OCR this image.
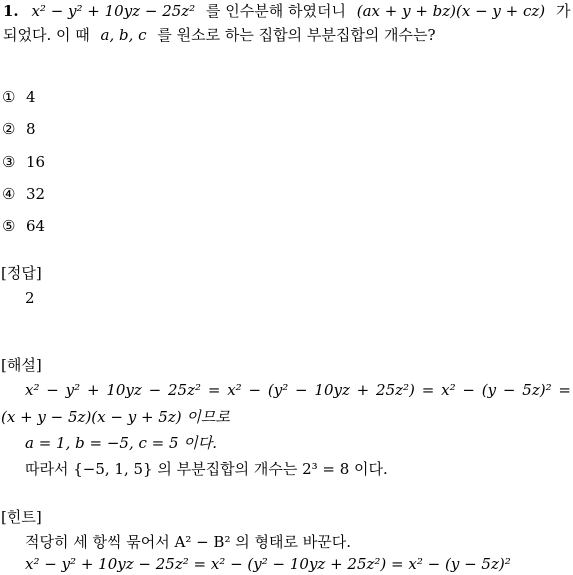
1. x² − y² + 10yz − 25z² 를 인수분해 하였더니 (ax + y + bz)(x − y + cz) 가
되었다. 이 때 a, b, c 를 원소로 하는 집합의 부분집합의 개수는?
① 4
② 8
③ 16
④ 32
⑤ 64
[정답]
2
[해설]
x² − y² + 10yz − 25z² = x² − (y² − 10yz + 25z²) = x² − (y − 5z)² =
(x + y − 5z)(x − y + 5z) 이므로
a = 1, b = −5, c = 5 이다.
따라서 {−5, 1, 5} 의 부분집합의 개수는 2³ = 8 이다.
[힌트]
적당히 세 항씩 묶어서 A² − B² 의 형태로 바꾼다.
x² − y² + 10yz − 25z² = x² − (y² − 10yz + 25z²) = x² − (y − 5z)²
